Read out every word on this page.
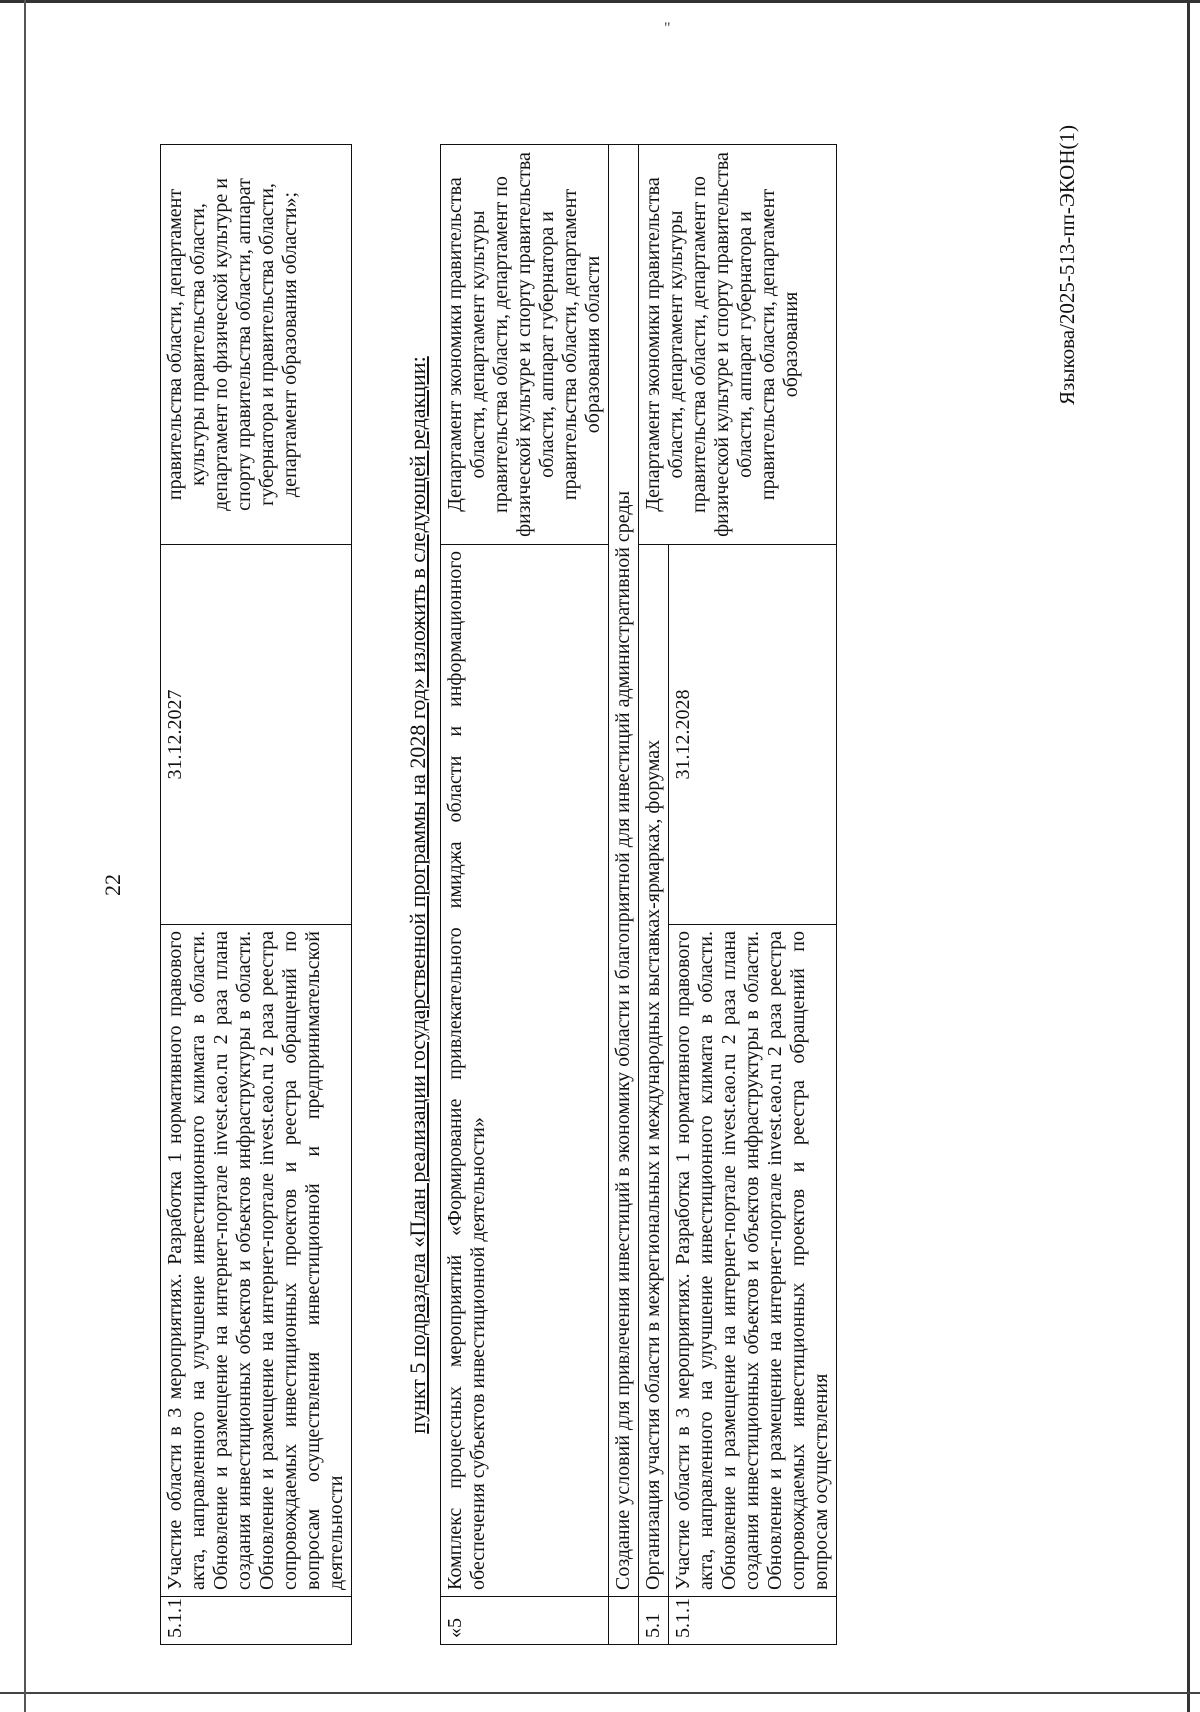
"
22
5.1.1	Участие области в 3 мероприятиях. Разработка 1 нормативного правового акта, направленного на улучшение инвестиционного климата в области. Обновление и размещение на интернет-портале invest.eao.ru 2 раза плана создания инвестиционных объектов и объектов инфраструктуры в области. Обновление и размещение на интернет-портале invest.eao.ru 2 раза реестра сопровождаемых инвестиционных проектов и реестра обращений по вопросам осуществления инвестиционной и предпринимательской деятельности	31.12.2027	правительства области, департамент культуры правительства области, департамент по физической культуре и спорту правительства области, аппарат губернатора и правительства области, департамент образования области»;
пункт 5 подраздела «План реализации государственной программы на 2028 год» изложить в следующей редакции:
«5	Комплекс процессных мероприятий «Формирование привлекательного имиджа области и информационного обеспечения субъектов инвестиционной деятельности»		Департамент экономики правительства области, департамент культуры правительства области, департамент по физической культуре и спорту правительства области, аппарат губернатора и правительства области, департамент образования области
	Создание условий для привлечения инвестиций в экономику области и благоприятной для инвестиций административной среды		
5.1	Организация участия области в межрегиональных и международных выставках-ярмарках, форумах		Департамент экономики правительства области, департамент культуры правительства области, департамент по физической культуре и спорту правительства области, аппарат губернатора и правительства области, департамент образования
5.1.1	Участие области в 3 мероприятиях. Разработка 1 нормативного правового акта, направленного на улучшение инвестиционного климата в области. Обновление и размещение на интернет-портале invest.eao.ru 2 раза плана создания инвестиционных объектов и объектов инфраструктуры в области. Обновление и размещение на интернет-портале invest.eao.ru 2 раза реестра сопровождаемых инвестиционных проектов и реестра обращений по вопросам осуществления	31.12.2028	
Языкова/2025-513-пп-ЭКОН(1)
